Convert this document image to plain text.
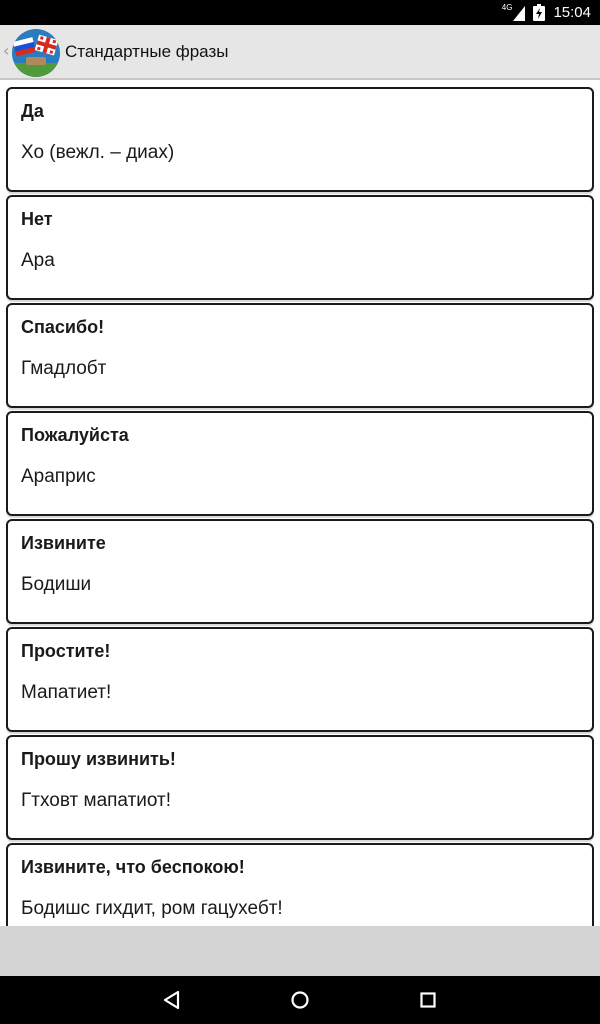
4G	15:04
‹	Стандартные фразы
Да
Хо (вежл. – диах)
Нет
Ара
Спасибо!
Гмадлобт
Пожалуйста
Араприс
Извините
Бодиши
Простите!
Мапатиет!
Прошу извинить!
Гтховт мапатиот!
Извините, что беспокою!
Бодишс гихдит, ром гацухебт!
